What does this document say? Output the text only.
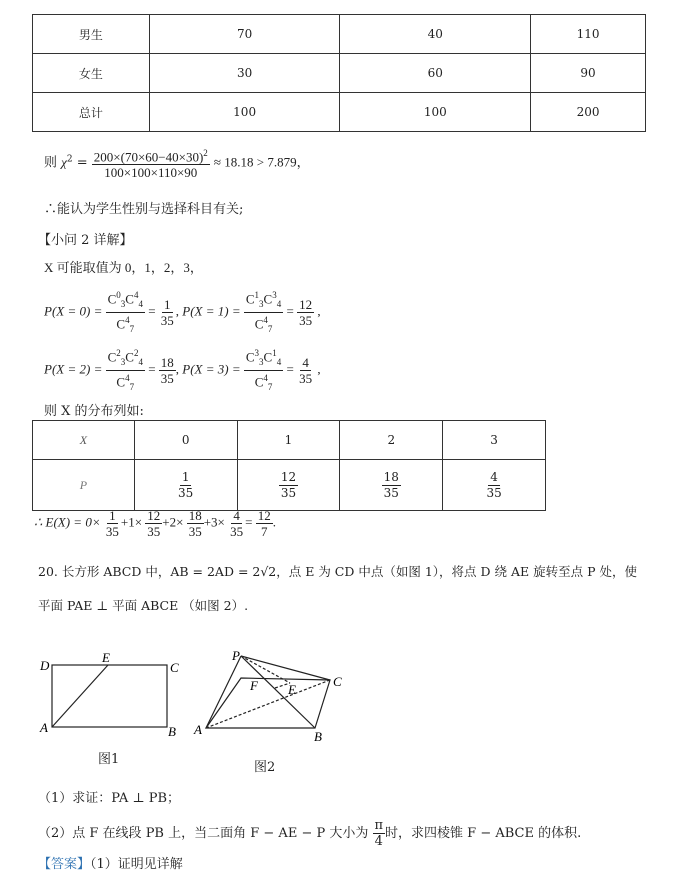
男生	70	40	110
女生	30	60	90
总计	100	100	200
则 $\chi^2 = \frac{200\times(70\times 60-40\times 30)^2}{100\times 100\times 110\times 90} \approx 18.18 > 7.879$，
∴能认为学生性别与选择科目有关;
【小问 2 详解】
X 可能取值为 0，1，2，3，
$P(X = 0) = \frac{C^0_3C^4_4}{C^4_7} = \frac{1}{35}$ , $P(X = 1) = \frac{C^1_3C^3_4}{C^4_7} = \frac{12}{35}$ ,
$P(X = 2) = \frac{C^2_3C^2_4}{C^4_7} = \frac{18}{35}$ , $P(X = 3) = \frac{C^3_3C^1_4}{C^4_7} = \frac{4}{35}$ ,
则 X 的分布列如:
X	0	1	2	3
P	$\frac{1}{35}$	$\frac{12}{35}$	$\frac{18}{35}$	$\frac{4}{35}$
∴ $E(X) = 0\times \frac{1}{35} +1\times \frac{12}{35} +2\times \frac{18}{35} +3\times \frac{4}{35} = \frac{12}{7}$ .
20. 长方形 ABCD 中，AB = 2AD = 2√2，点 E 为 CD 中点（如图 1），将点 D 绕 AE 旋转至点 P 处，使
平面 PAE ⊥ 平面 ABCE （如图 2）.
D
E
C
A	B
图1
P
F E
C
A	B
图2
（1）求证：PA ⊥ PB；
（2）点 F 在线段 PB 上，当二面角 F − AE − P 大小为 $\frac{\pi}{4}$ 时，求四棱锥 F − ABCE 的体积.
【答案】（1）证明见详解
